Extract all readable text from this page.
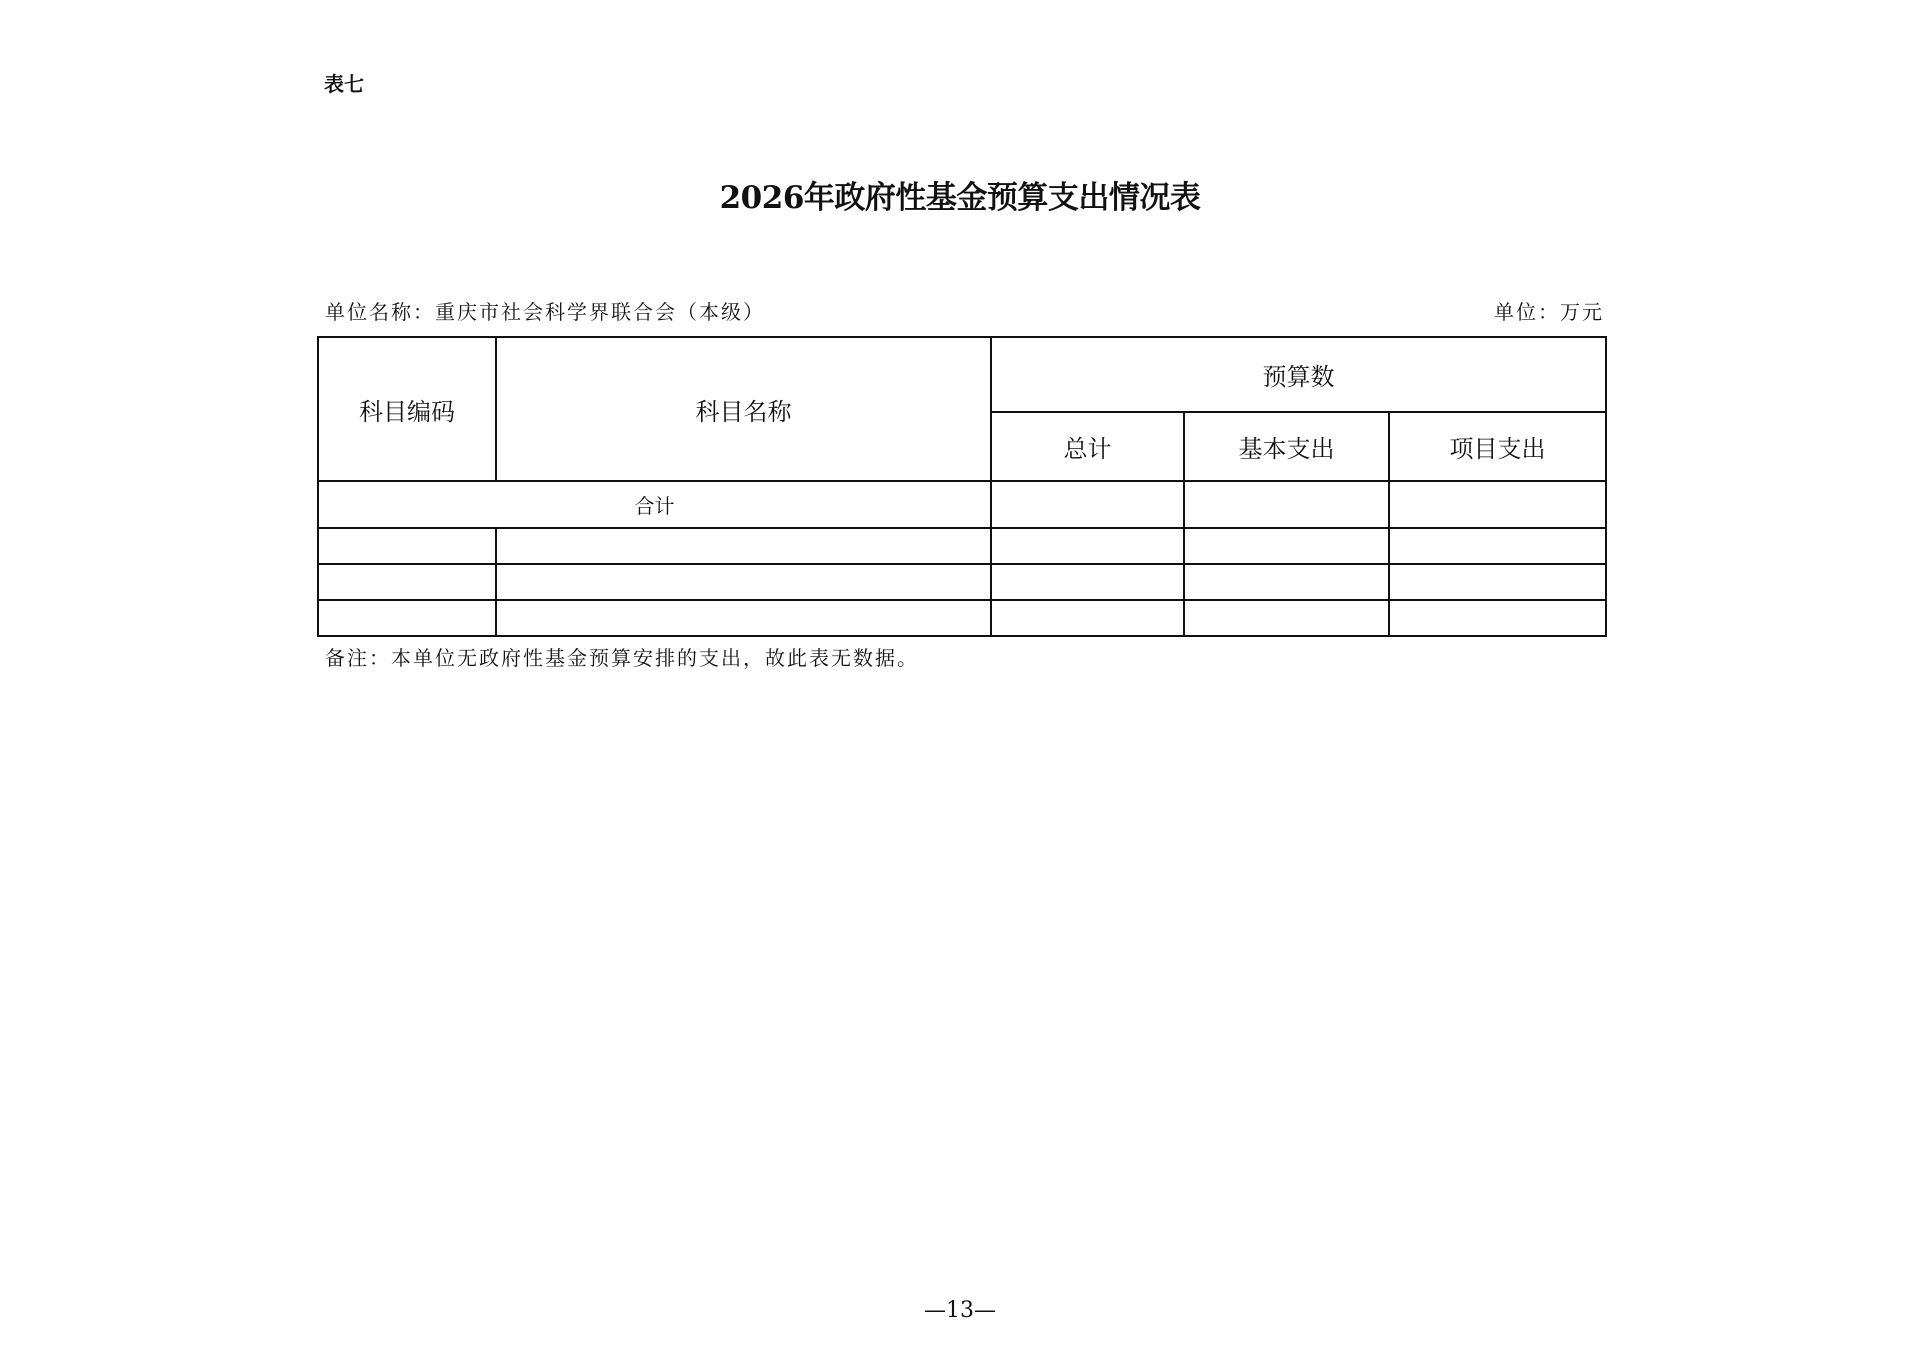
表七
2026年政府性基金预算支出情况表
单位名称：重庆市社会科学界联合会（本级）	单位：万元
科目编码	科目名称	预算数		
		总计	基本支出	项目支出
合计				

备注：本单位无政府性基金预算安排的支出，故此表无数据。
—13—
